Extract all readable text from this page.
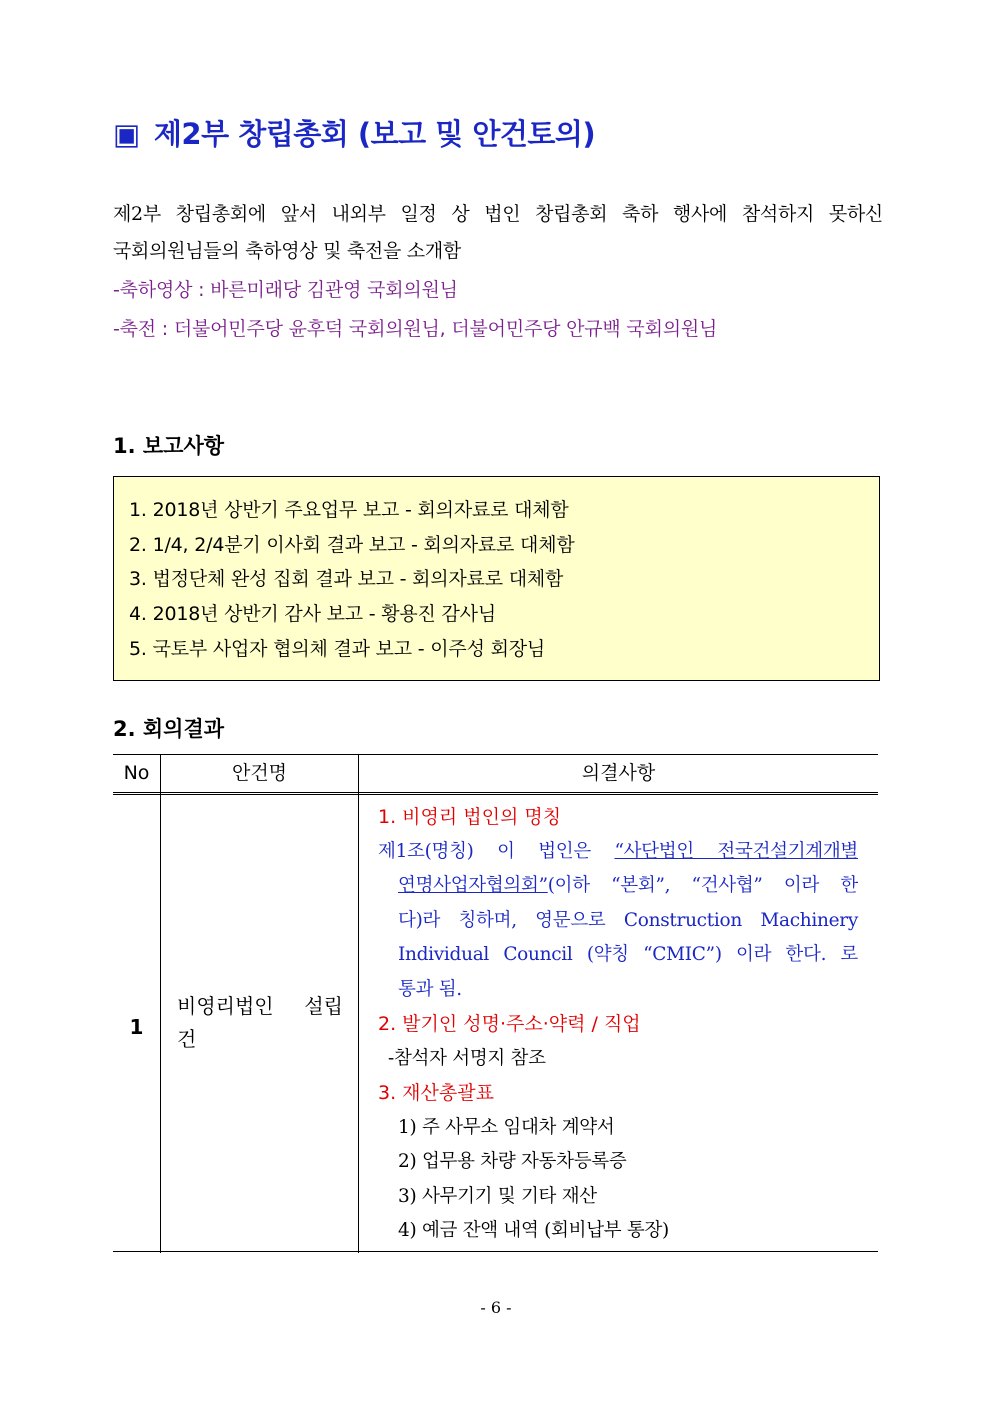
▣ 제2부 창립총회 (보고 및 안건토의)
제2부 창립총회에 앞서 내외부 일정 상 법인 창립총회 축하 행사에 참석하지 못하신
국회의원님들의 축하영상 및 축전을 소개함
-축하영상 : 바른미래당 김관영 국회의원님
-축전 : 더불어민주당 윤후덕 국회의원님, 더불어민주당 안규백 국회의원님
1. 보고사항
1. 2018년 상반기 주요업무 보고 - 회의자료로 대체함
2. 1/4, 2/4분기 이사회 결과 보고 - 회의자료로 대체함
3. 법정단체 완성 집회 결과 보고 - 회의자료로 대체함
4. 2018년 상반기 감사 보고 - 황용진 감사님
5. 국토부 사업자 협의체 결과 보고 - 이주성 회장님
2. 회의결과
No	안건명	의결사항
1
비영리법인 설립
건
1. 비영리 법인의 명칭
제1조(명칭) 이 법인은 “사단법인 전국건설기계개별
연명사업자협의회”(이하 “본회”, “건사협” 이라 한
다)라 칭하며, 영문으로 Construction Machinery
Individual Council (약칭 “CMIC”) 이라 한다. 로
통과 됨.
2. 발기인 성명·주소·약력 / 직업
-참석자 서명지 참조
3. 재산총괄표
1) 주 사무소 임대차 계약서
2) 업무용 차량 자동차등록증
3) 사무기기 및 기타 재산
4) 예금 잔액 내역 (회비납부 통장)
- 6 -
